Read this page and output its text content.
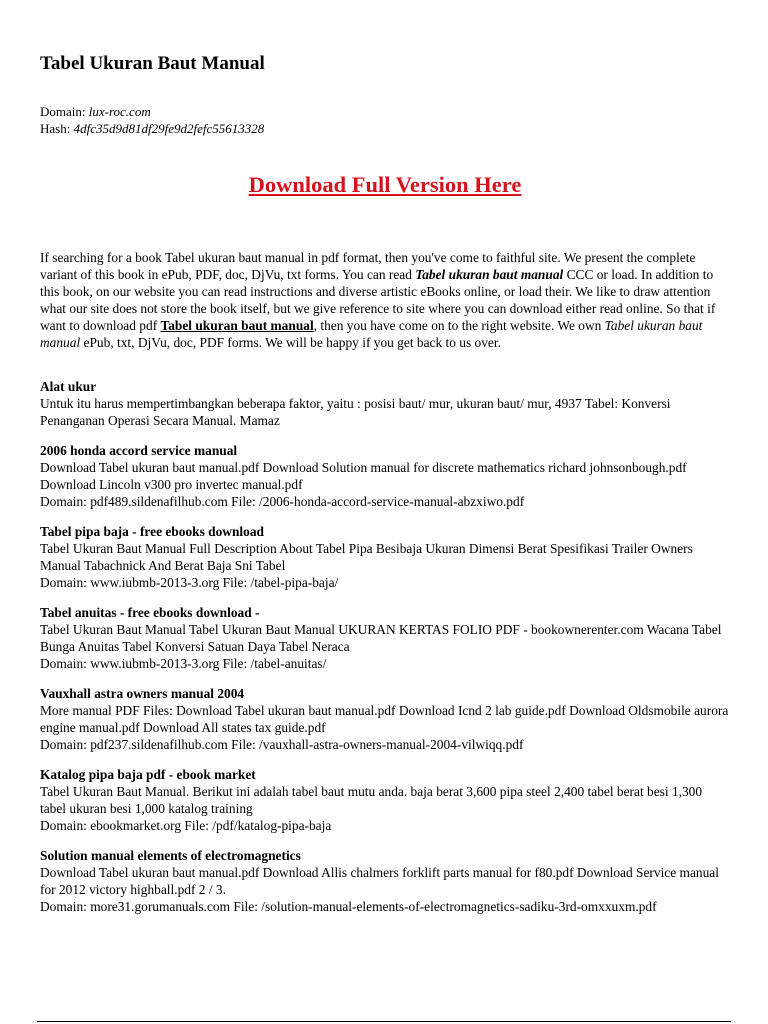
Tabel Ukuran Baut Manual
Domain: lux-roc.com
Hash: 4dfc35d9d81df29fe9d2fefc55613328
Download Full Version Here

If searching for a book Tabel ukuran baut manual in pdf format, then you've come to faithful site. We present the complete variant of this book in ePub, PDF, doc, DjVu, txt forms. You can read Tabel ukuran baut manual CCC or load. In addition to this book, on our website you can read instructions and diverse artistic eBooks online, or load their. We like to draw attention what our site does not store the book itself, but we give reference to site where you can download either read online. So that if want to download pdf Tabel ukuran baut manual, then you have come on to the right website. We own Tabel ukuran baut manual ePub, txt, DjVu, doc, PDF forms. We will be happy if you get back to us over.

Alat ukur
Untuk itu harus mempertimbangkan beberapa faktor, yaitu : posisi baut/ mur, ukuran baut/ mur, 4937 Tabel: Konversi Penanganan Operasi Secara Manual. Mamaz
2006 honda accord service manual
Download Tabel ukuran baut manual.pdf Download Solution manual for discrete mathematics richard johnsonbough.pdf Download Lincoln v300 pro invertec manual.pdf
Domain: pdf489.sildenafilhub.com File: /2006-honda-accord-service-manual-abzxiwo.pdf
Tabel pipa baja - free ebooks download
Tabel Ukuran Baut Manual Full Description About Tabel Pipa Besibaja Ukuran Dimensi Berat Spesifikasi Trailer Owners Manual Tabachnick And Berat Baja Sni Tabel
Domain: www.iubmb-2013-3.org File: /tabel-pipa-baja/
Tabel anuitas - free ebooks download -
Tabel Ukuran Baut Manual Tabel Ukuran Baut Manual UKURAN KERTAS FOLIO PDF - bookownerenter.com Wacana Tabel Bunga Anuitas Tabel Konversi Satuan Daya Tabel Neraca
Domain: www.iubmb-2013-3.org File: /tabel-anuitas/
Vauxhall astra owners manual 2004
More manual PDF Files: Download Tabel ukuran baut manual.pdf Download Icnd 2 lab guide.pdf Download Oldsmobile aurora engine manual.pdf Download All states tax guide.pdf
Domain: pdf237.sildenafilhub.com File: /vauxhall-astra-owners-manual-2004-vilwiqq.pdf
Katalog pipa baja pdf - ebook market
Tabel Ukuran Baut Manual. Berikut ini adalah tabel baut mutu anda. baja berat 3,600 pipa steel 2,400 tabel berat besi 1,300 tabel ukuran besi 1,000 katalog training
Domain: ebookmarket.org File: /pdf/katalog-pipa-baja
Solution manual elements of electromagnetics
Download Tabel ukuran baut manual.pdf Download Allis chalmers forklift parts manual for f80.pdf Download Service manual for 2012 victory highball.pdf 2 / 3.
Domain: more31.gorumanuals.com File: /solution-manual-elements-of-electromagnetics-sadiku-3rd-omxxuxm.pdf
